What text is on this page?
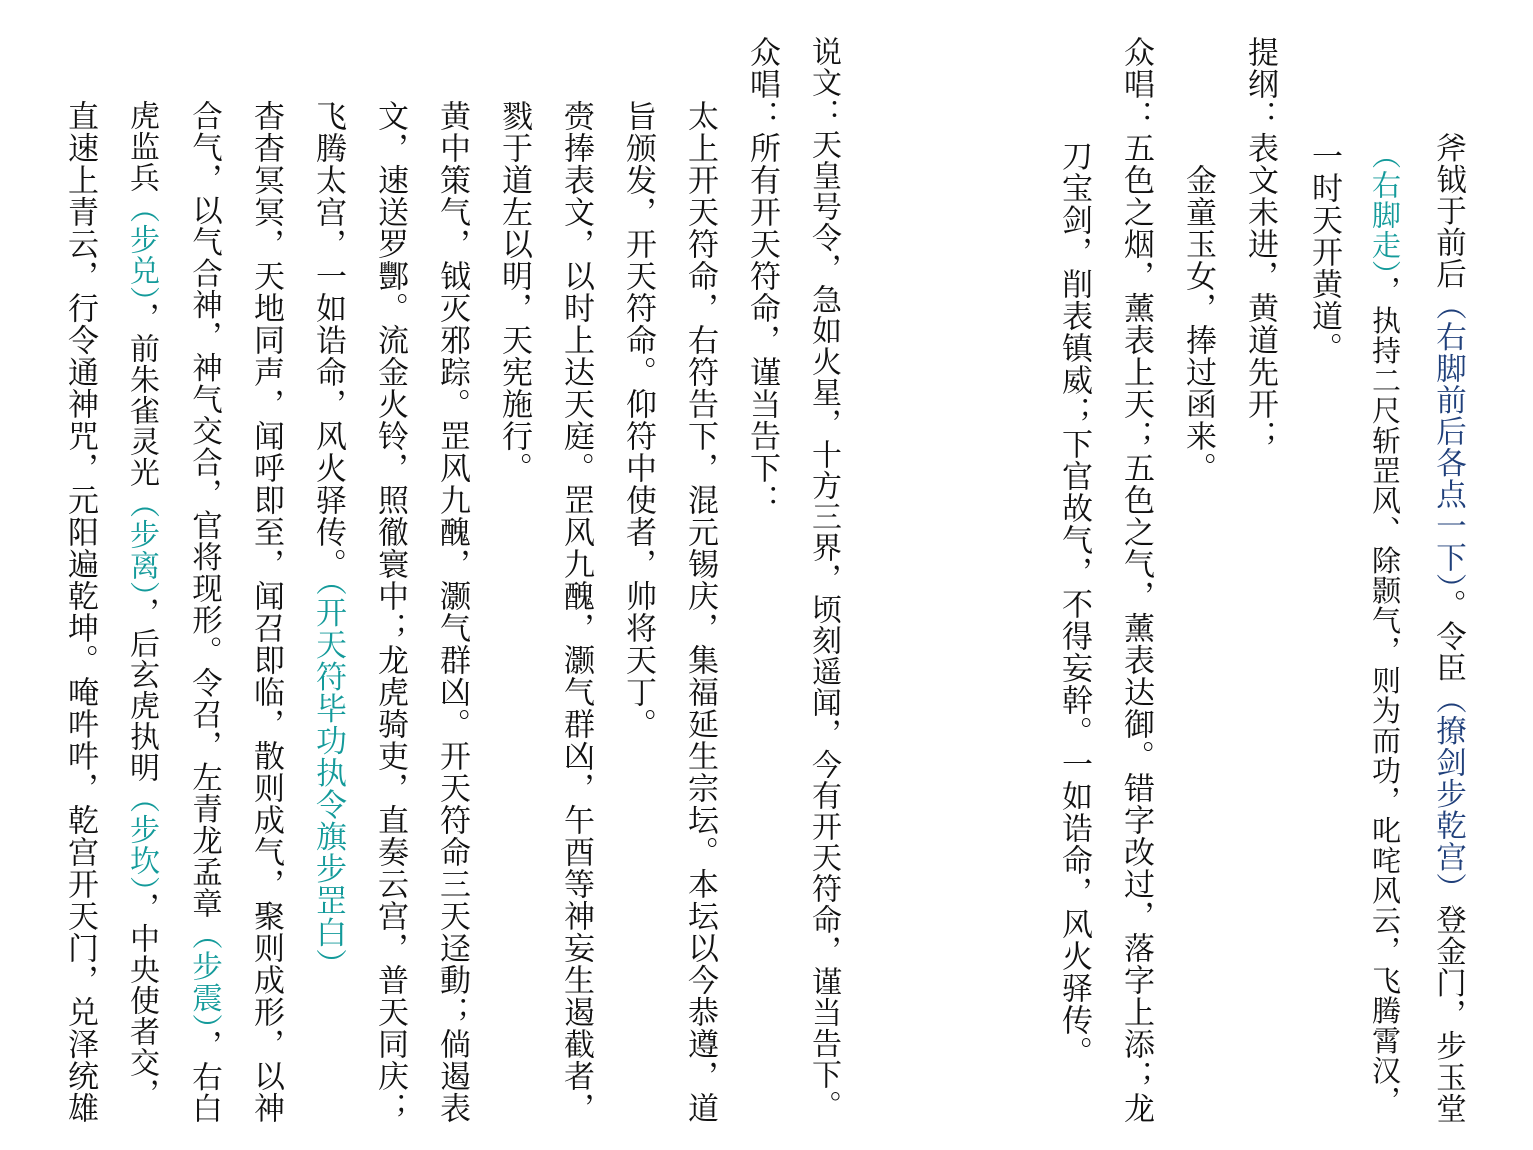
斧钺于前后（右脚前后各点一下）。令臣（撩剑步乾宫）登金门，步玉堂
（右脚走），执持二尺斩罡风、除颢气，则为而功，叱咤风云，飞腾霄汉，
一时天开黄道。
提纲：表文未进，黄道先开；
金童玉女，捧过函来。
众唱：五色之烟，薰表上天；五色之气，薰表达御。错字改过，落字上添；龙
刀宝剑，削表镇威；下官故气，不得妄幹。一如诰命，风火驿传。
说文：天皇号令，急如火星，十方三界，顷刻遥闻，今有开天符命，谨当告下。
众唱：所有开天符命，谨当告下：
太上开天符命，右符告下，混元锡庆，集福延生宗坛。本坛以今恭遵，道
旨颁发，开天符命。仰符中使者，帅将天丁。
赍捧表文，以时上达天庭。罡风九醜，灏气群凶，午酉等神妄生遏截者，
戮于道左以明，天宪施行。
黄中策气，钺灭邪踪。罡风九醜，灏气群凶。开天符命三天迳動；倘遏表
文，速送罗酆。流金火铃，照徹寰中；龙虎骑吏，直奏云宫，普天同庆；
飞腾太宫，一如诰命，风火驿传。（开天符毕功执令旗步罡白）
杳杳冥冥，天地同声，闻呼即至，闻召即临，散则成气，聚则成形，以神
合气，以气合神，神气交合，官将现形。令召，左青龙孟章（步震），右白
虎监兵（步兑），前朱雀灵光（步离），后玄虎执明（步坎），中央使者交，
直速上青云，行令通神咒，元阳遍乾坤。唵吽吽，乾宫开天门，兑泽统雄
